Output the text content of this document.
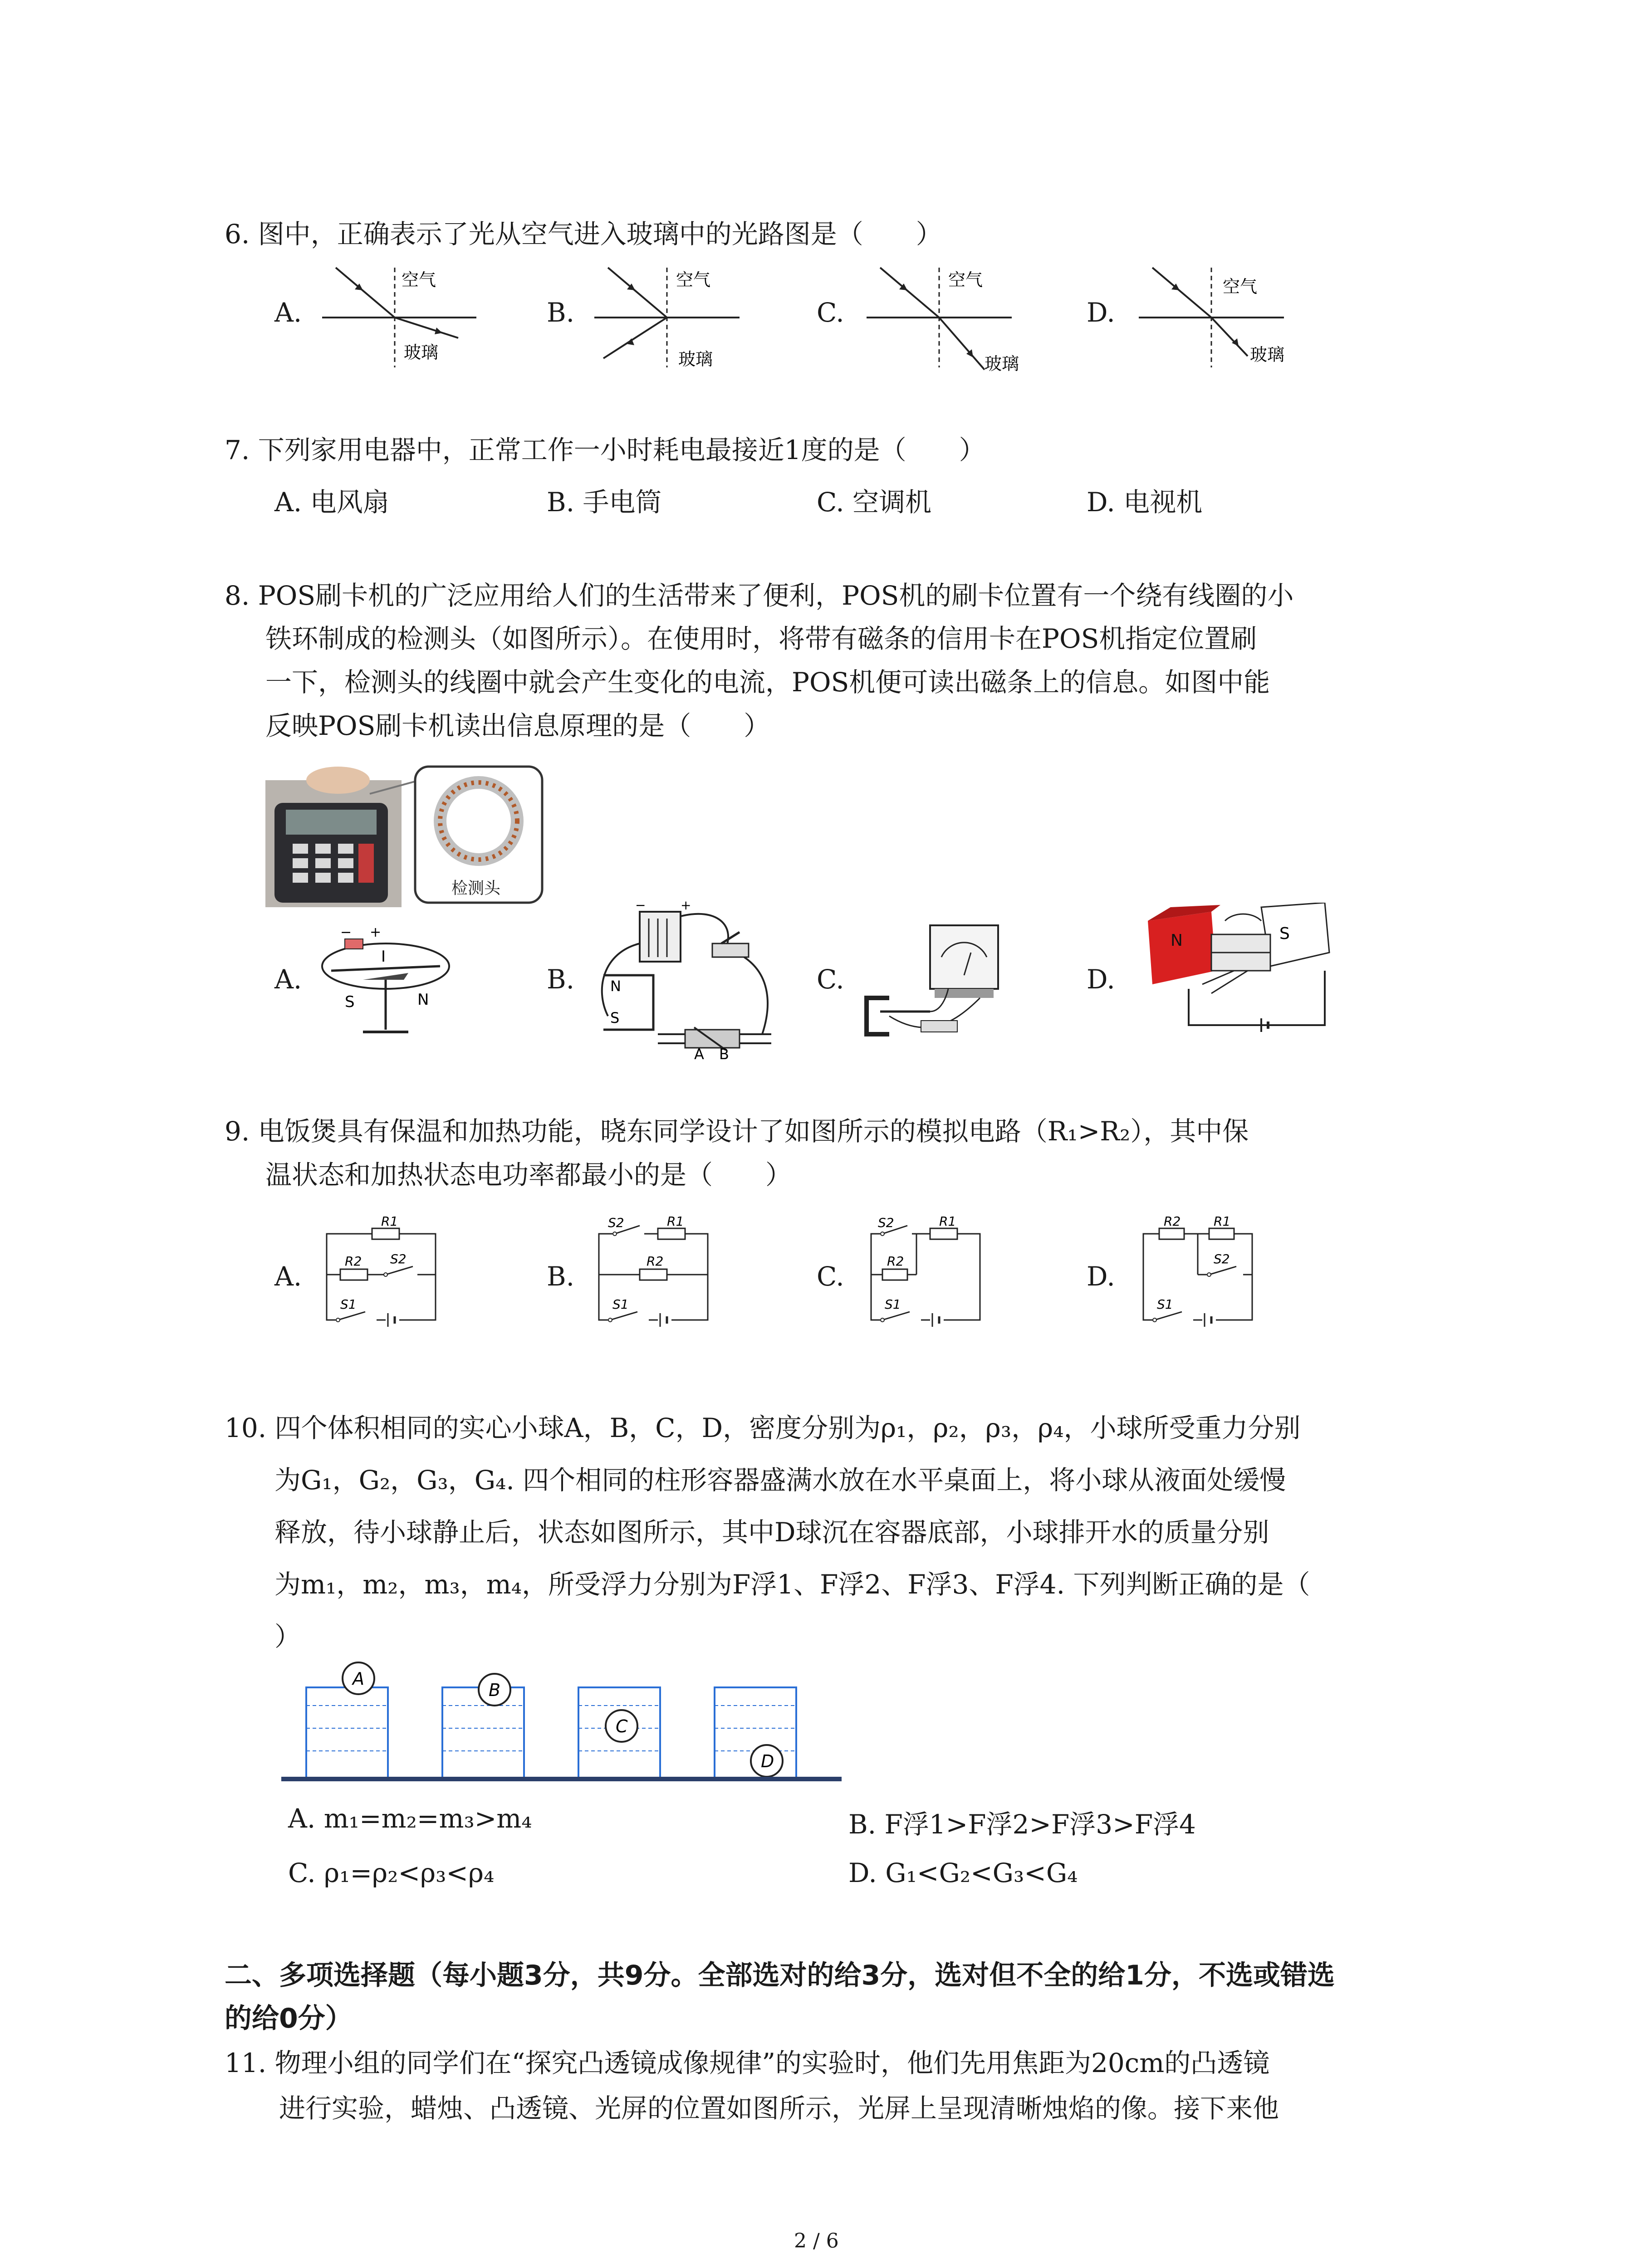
6. 图中，正确表示了光从空气进入玻璃中的光路图是（　　）
A.	B.	C.	D.
空气
玻璃
空气
玻璃
空气
玻璃
空气
玻璃
7. 下列家用电器中，正常工作一小时耗电最接近1度的是（　　）
A. 电风扇	B. 手电筒	C. 空调机	D. 电视机
8. POS刷卡机的广泛应用给人们的生活带来了便利，POS机的刷卡位置有一个绕有线圈的小
铁环制成的检测头（如图所示）。在使用时，将带有磁条的信用卡在POS机指定位置刷
一下，检测头的线圈中就会产生变化的电流，POS机便可读出磁条上的信息。如图中能
反映POS刷卡机读出信息原理的是（　　）
检测头
A.	B.	C.	D.
− +
I
S	N
−	+
N
S
A B
N	S
9. 电饭煲具有保温和加热功能，晓东同学设计了如图所示的模拟电路（R₁>R₂），其中保
温状态和加热状态电功率都最小的是（　　）
A.	B.	C.	D.
R1
R2 S2
S1
S2	R1
R2
S1
R1
S2
R2
S1
R2	R1
S2
S1
10. 四个体积相同的实心小球A，B，C，D，密度分别为ρ₁，ρ₂，ρ₃，ρ₄，小球所受重力分别
为G₁，G₂，G₃，G₄. 四个相同的柱形容器盛满水放在水平桌面上，将小球从液面处缓慢
释放，待小球静止后，状态如图所示，其中D球沉在容器底部，小球排开水的质量分别
为m₁，m₂，m₃，m₄，所受浮力分别为F浮1、F浮2、F浮3、F浮4. 下列判断正确的是（
）
A
B
C
D
A. m₁=m₂=m₃>m₄	B. F浮1>F浮2>F浮3>F浮4
C. ρ₁=ρ₂<ρ₃<ρ₄	D. G₁<G₂<G₃<G₄
二、多项选择题（每小题3分，共9分。全部选对的给3分，选对但不全的给1分，不选或错选
的给0分）
11. 物理小组的同学们在“探究凸透镜成像规律”的实验时，他们先用焦距为20cm的凸透镜
进行实验，蜡烛、凸透镜、光屏的位置如图所示，光屏上呈现清晰烛焰的像。接下来他
2 / 6
